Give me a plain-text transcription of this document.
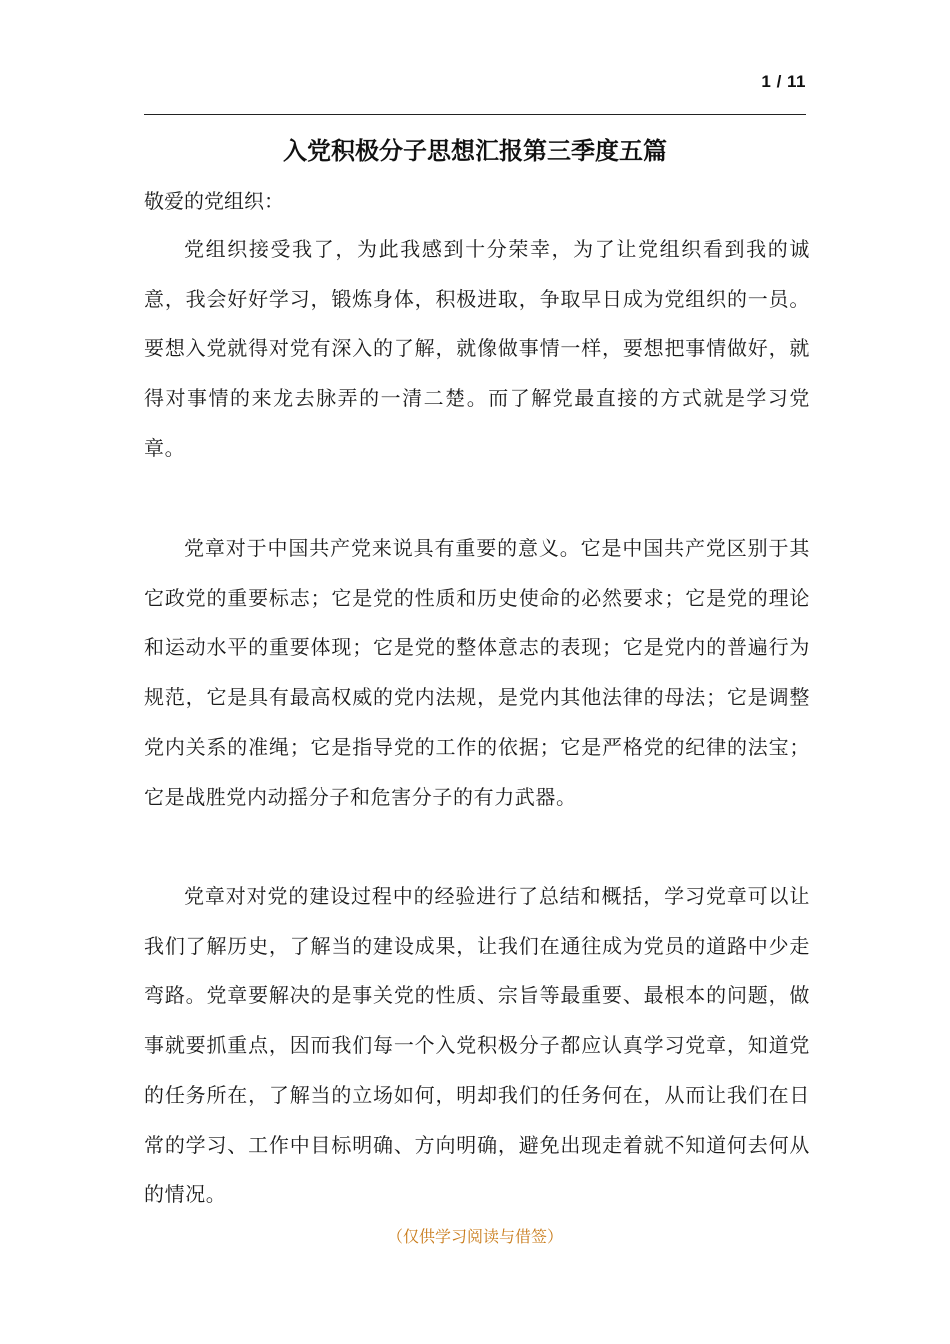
1 / 11
入党积极分子思想汇报第三季度五篇
敬爱的党组织：

党组织接受我了，为此我感到十分荣幸，为了让党组织看到我的诚意，我会好好学习，锻炼身体，积极进取，争取早日成为党组织的一员。要想入党就得对党有深入的了解，就像做事情一样，要想把事情做好，就得对事情的来龙去脉弄的一清二楚。而了解党最直接的方式就是学习党章。

党章对于中国共产党来说具有重要的意义。它是中国共产党区别于其它政党的重要标志；它是党的性质和历史使命的必然要求；它是党的理论和运动水平的重要体现；它是党的整体意志的表现；它是党内的普遍行为规范，它是具有最高权威的党内法规，是党内其他法律的母法；它是调整党内关系的准绳；它是指导党的工作的依据；它是严格党的纪律的法宝；它是战胜党内动摇分子和危害分子的有力武器。

党章对对党的建设过程中的经验进行了总结和概括，学习党章可以让我们了解历史，了解当的建设成果，让我们在通往成为党员的道路中少走弯路。党章要解决的是事关党的性质、宗旨等最重要、最根本的问题，做事就要抓重点，因而我们每一个入党积极分子都应认真学习党章，知道党的任务所在，了解当的立场如何，明却我们的任务何在，从而让我们在日常的学习、工作中目标明确、方向明确，避免出现走着就不知道何去何从的情况。

（仅供学习阅读与借签）
